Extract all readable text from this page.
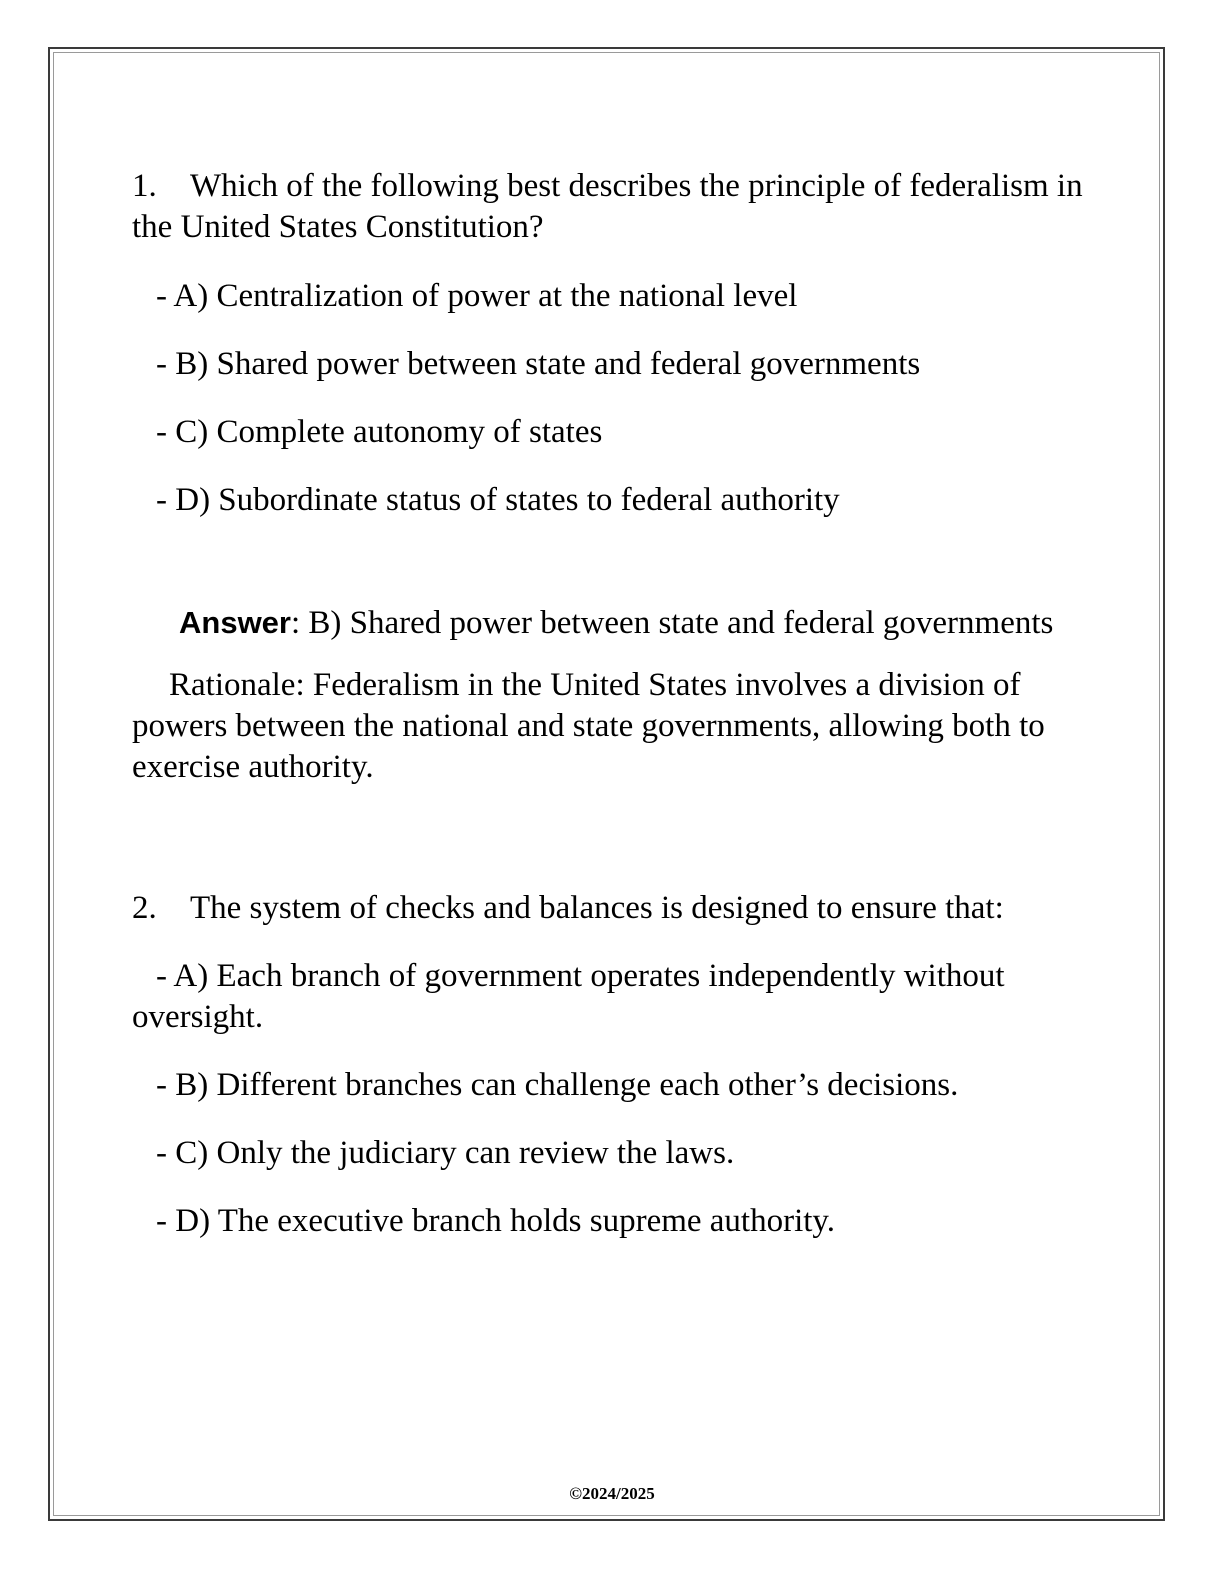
1. Which of the following best describes the principle of federalism in the United States Constitution?

- A) Centralization of power at the national level
- B) Shared power between state and federal governments
- C) Complete autonomy of states
- D) Subordinate status of states to federal authority

Answer: B) Shared power between state and federal governments

Rationale: Federalism in the United States involves a division of powers between the national and state governments, allowing both to exercise authority.

2. The system of checks and balances is designed to ensure that:

- A) Each branch of government operates independently without oversight.
- B) Different branches can challenge each other’s decisions.
- C) Only the judiciary can review the laws.
- D) The executive branch holds supreme authority.
©2024/2025
